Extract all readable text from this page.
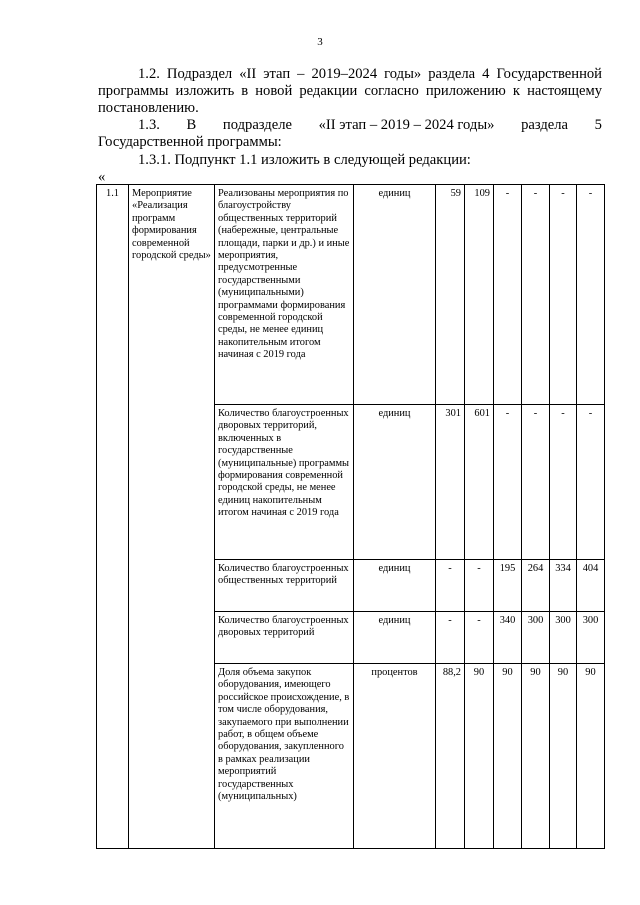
3

1.2. Подраздел «II этап – 2019–2024 годы» раздела 4 Государственной программы изложить в новой редакции согласно приложению к настоящему постановлению.

1.3. В подразделе «II этап – 2019 – 2024 годы» раздела 5
Государственной программы:

1.3.1. Подпункт 1.1 изложить в следующей редакции:

«
1.1	Мероприятие «Реализация программ формирования современной городской среды»	Реализованы мероприятия по благоустройству общественных территорий (набережные, центральные площади, парки и др.) и иные мероприятия, предусмотренные государственными (муниципальными) программами формирования современной городской среды, не менее единиц накопительным итогом начиная с 2019 года	единиц	59	109	-	-	-	-
		Количество благоустроенных дворовых территорий, включенных в государственные (муниципальные) программы формирования современной городской среды, не менее единиц накопительным итогом начиная с 2019 года	единиц	301	601	-	-	-	-
		Количество благоустроенных общественных территорий	единиц	-	-	195	264	334	404
		Количество благоустроенных дворовых территорий	единиц	-	-	340	300	300	300
		Доля объема закупок оборудования, имеющего российское происхождение, в том числе оборудования, закупаемого при выполнении работ, в общем объеме оборудования, закупленного в рамках реализации мероприятий государственных (муниципальных)	процентов	88,2	90	90	90	90	90
